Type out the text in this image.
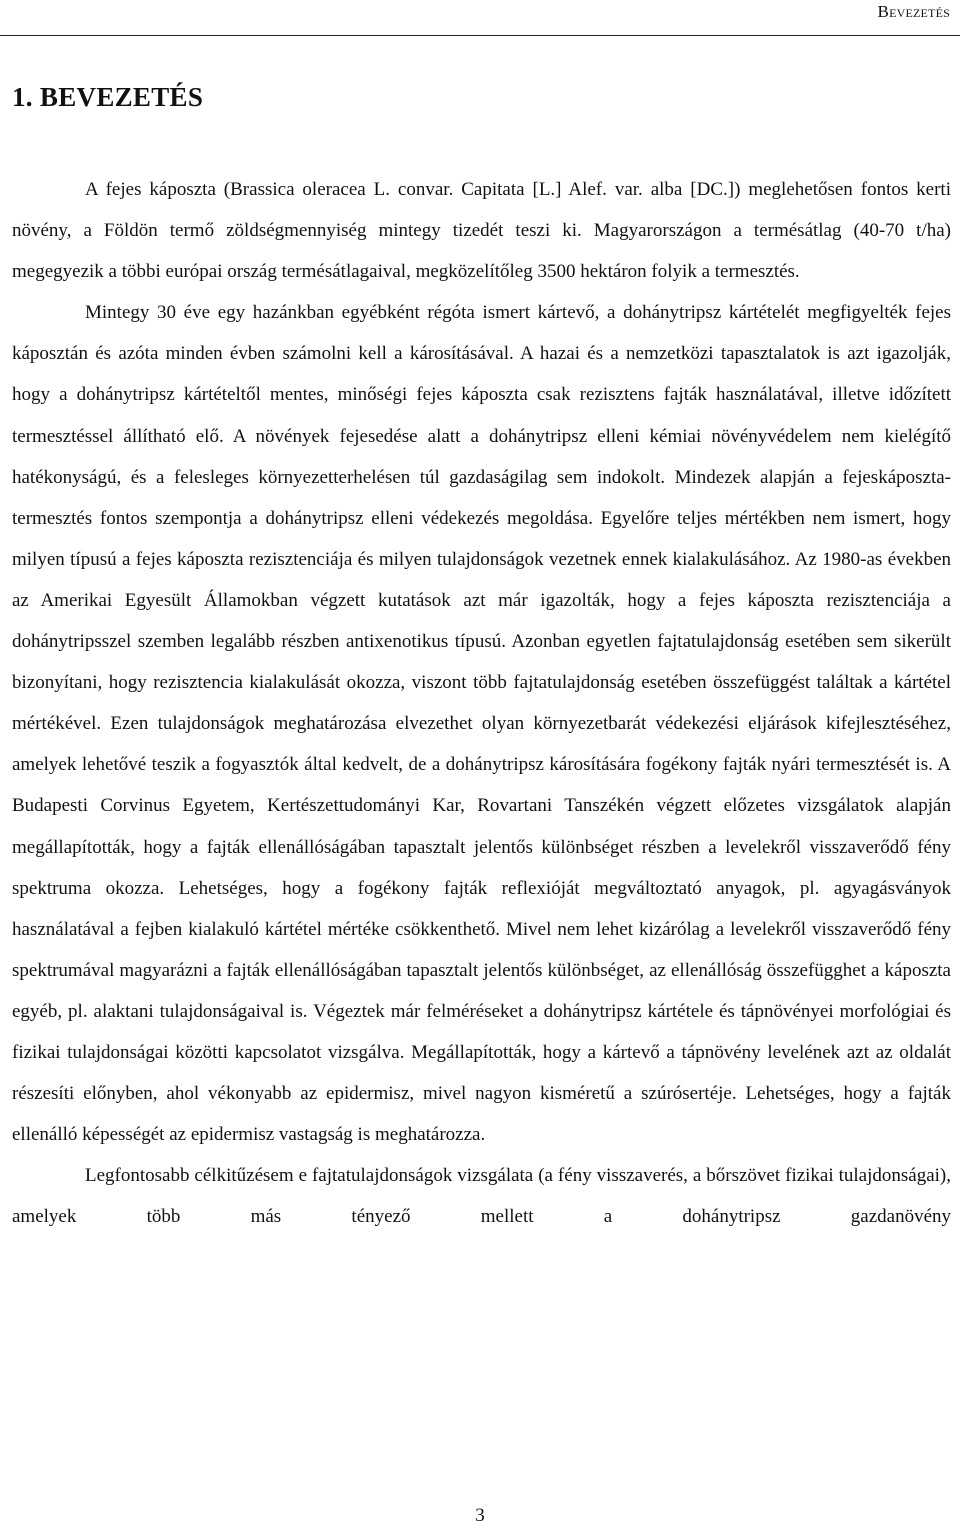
Bevezetés
1. BEVEZETÉS

A fejes káposzta (Brassica oleracea L. convar. Capitata [L.] Alef. var. alba [DC.]) meglehetősen fontos kerti növény, a Földön termő zöldségmennyiség mintegy tizedét teszi ki. Magyarországon a termésátlag (40-70 t/ha) megegyezik a többi európai ország termésátlagaival, megközelítőleg 3500 hektáron folyik a termesztés.

Mintegy 30 éve egy hazánkban egyébként régóta ismert kártevő, a dohánytripsz kártételét megfigyelték fejes káposztán és azóta minden évben számolni kell a károsításával. A hazai és a nemzetközi tapasztalatok is azt igazolják, hogy a dohánytripsz kártételtől mentes, minőségi fejes káposzta csak rezisztens fajták használatával, illetve időzített termesztéssel állítható elő. A növények fejesedése alatt a dohánytripsz elleni kémiai növényvédelem nem kielégítő hatékonyságú, és a felesleges környezetterhelésen túl gazdaságilag sem indokolt. Mindezek alapján a fejeskáposzta-termesztés fontos szempontja a dohánytripsz elleni védekezés megoldása. Egyelőre teljes mértékben nem ismert, hogy milyen típusú a fejes káposzta rezisztenciája és milyen tulajdonságok vezetnek ennek kialakulásához. Az 1980-as években az Amerikai Egyesült Államokban végzett kutatások azt már igazolták, hogy a fejes káposzta rezisztenciája a dohánytripsszel szemben legalább részben antixenotikus típusú. Azonban egyetlen fajtatulajdonság esetében sem sikerült bizonyítani, hogy rezisztencia kialakulását okozza, viszont több fajtatulajdonság esetében összefüggést találtak a kártétel mértékével. Ezen tulajdonságok meghatározása elvezethet olyan környezetbarát védekezési eljárások kifejlesztéséhez, amelyek lehetővé teszik a fogyasztók által kedvelt, de a dohánytripsz károsítására fogékony fajták nyári termesztését is. A Budapesti Corvinus Egyetem, Kertészettudományi Kar, Rovartani Tanszékén végzett előzetes vizsgálatok alapján megállapították, hogy a fajták ellenállóságában tapasztalt jelentős különbséget részben a levelekről visszaverődő fény spektruma okozza. Lehetséges, hogy a fogékony fajták reflexióját megváltoztató anyagok, pl. agyagásványok használatával a fejben kialakuló kártétel mértéke csökkenthető. Mivel nem lehet kizárólag a levelekről visszaverődő fény spektrumával magyarázni a fajták ellenállóságában tapasztalt jelentős különbséget, az ellenállóság összefügghet a káposzta egyéb, pl. alaktani tulajdonságaival is. Végeztek már felméréseket a dohánytripsz kártétele és tápnövényei morfológiai és fizikai tulajdonságai közötti kapcsolatot vizsgálva. Megállapították, hogy a kártevő a tápnövény levelének azt az oldalát részesíti előnyben, ahol vékonyabb az epidermisz, mivel nagyon kisméretű a szúrósertéje. Lehetséges, hogy a fajták ellenálló képességét az epidermisz vastagság is meghatározza.

Legfontosabb célkitűzésem e fajtatulajdonságok vizsgálata (a fény visszaverés, a bőrszövet fizikai tulajdonságai), amelyek több más tényező mellett a dohánytripsz gazdanövény

3
